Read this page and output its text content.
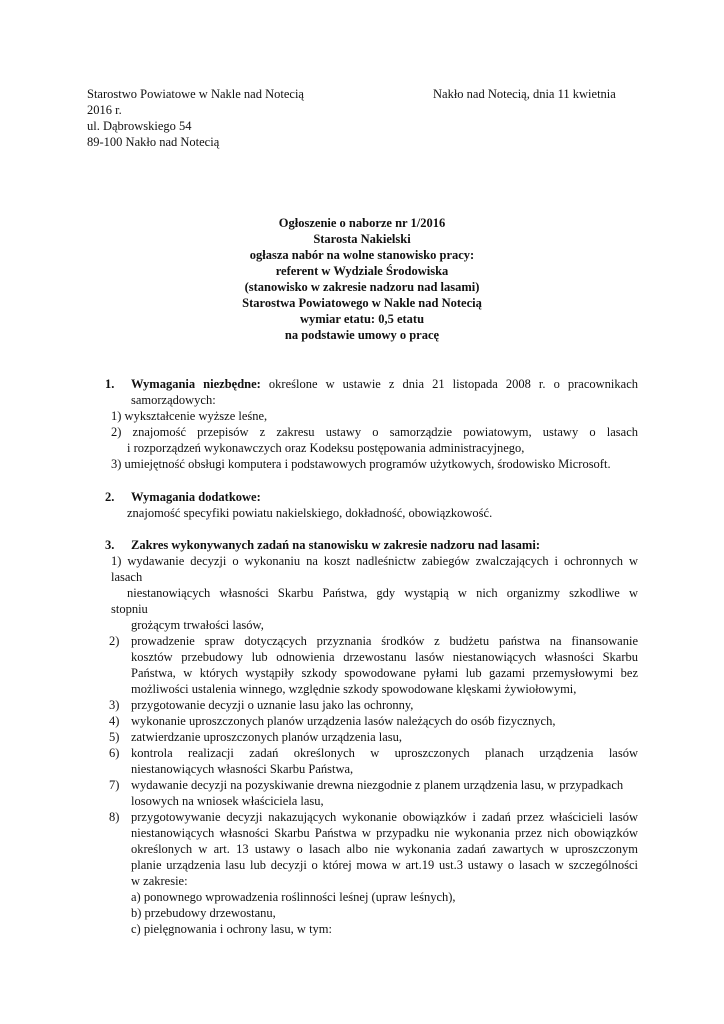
Starostwo Powiatowe w Nakle nad Notecią	Nakło nad Notecią, dnia 11 kwietnia
2016 r.
ul. Dąbrowskiego 54
89-100 Nakło nad Notecią
Ogłoszenie o naborze nr 1/2016
Starosta Nakielski
ogłasza nabór na wolne stanowisko pracy:
referent w Wydziale Środowiska
(stanowisko w zakresie nadzoru nad lasami)
Starostwa Powiatowego w Nakle nad Notecią
wymiar etatu: 0,5 etatu
na podstawie umowy o pracę
1. Wymagania niezbędne: określone w ustawie z dnia 21 listopada 2008 r. o pracownikach
samorządowych:
1) wykształcenie wyższe leśne,
2) znajomość przepisów z zakresu ustawy o samorządzie powiatowym, ustawy o lasach
i rozporządzeń wykonawczych oraz Kodeksu postępowania administracyjnego,
3) umiejętność obsługi komputera i podstawowych programów użytkowych, środowisko Microsoft.
2. Wymagania dodatkowe:
znajomość specyfiki powiatu nakielskiego, dokładność, obowiązkowość.
3. Zakres wykonywanych zadań na stanowisku w zakresie nadzoru nad lasami:
1) wydawanie decyzji o wykonaniu na koszt nadleśnictw zabiegów zwalczających i ochronnych w
lasach
niestanowiących własności Skarbu Państwa, gdy wystąpią w nich organizmy szkodliwe w
stopniu
grożącym trwałości lasów,
2) prowadzenie spraw dotyczących przyznania środków z budżetu państwa na finansowanie
kosztów przebudowy lub odnowienia drzewostanu lasów niestanowiących własności Skarbu
Państwa, w których wystąpiły szkody spowodowane pyłami lub gazami przemysłowymi bez
możliwości ustalenia winnego, względnie szkody spowodowane klęskami żywiołowymi,
3) przygotowanie decyzji o uznanie lasu jako las ochronny,
4) wykonanie uproszczonych planów urządzenia lasów należących do osób fizycznych,
5) zatwierdzanie uproszczonych planów urządzenia lasu,
6) kontrola realizacji zadań określonych w uproszczonych planach urządzenia lasów
niestanowiących własności Skarbu Państwa,
7) wydawanie decyzji na pozyskiwanie drewna niezgodnie z planem urządzenia lasu, w przypadkach
losowych na wniosek właściciela lasu,
8) przygotowywanie decyzji nakazujących wykonanie obowiązków i zadań przez właścicieli lasów
niestanowiących własności Skarbu Państwa w przypadku nie wykonania przez nich obowiązków
określonych w art. 13 ustawy o lasach albo nie wykonania zadań zawartych w uproszczonym
planie urządzenia lasu lub decyzji o której mowa w art.19 ust.3 ustawy o lasach w szczególności
w zakresie:
a) ponownego wprowadzenia roślinności leśnej (upraw leśnych),
b) przebudowy drzewostanu,
c) pielęgnowania i ochrony lasu, w tym:
